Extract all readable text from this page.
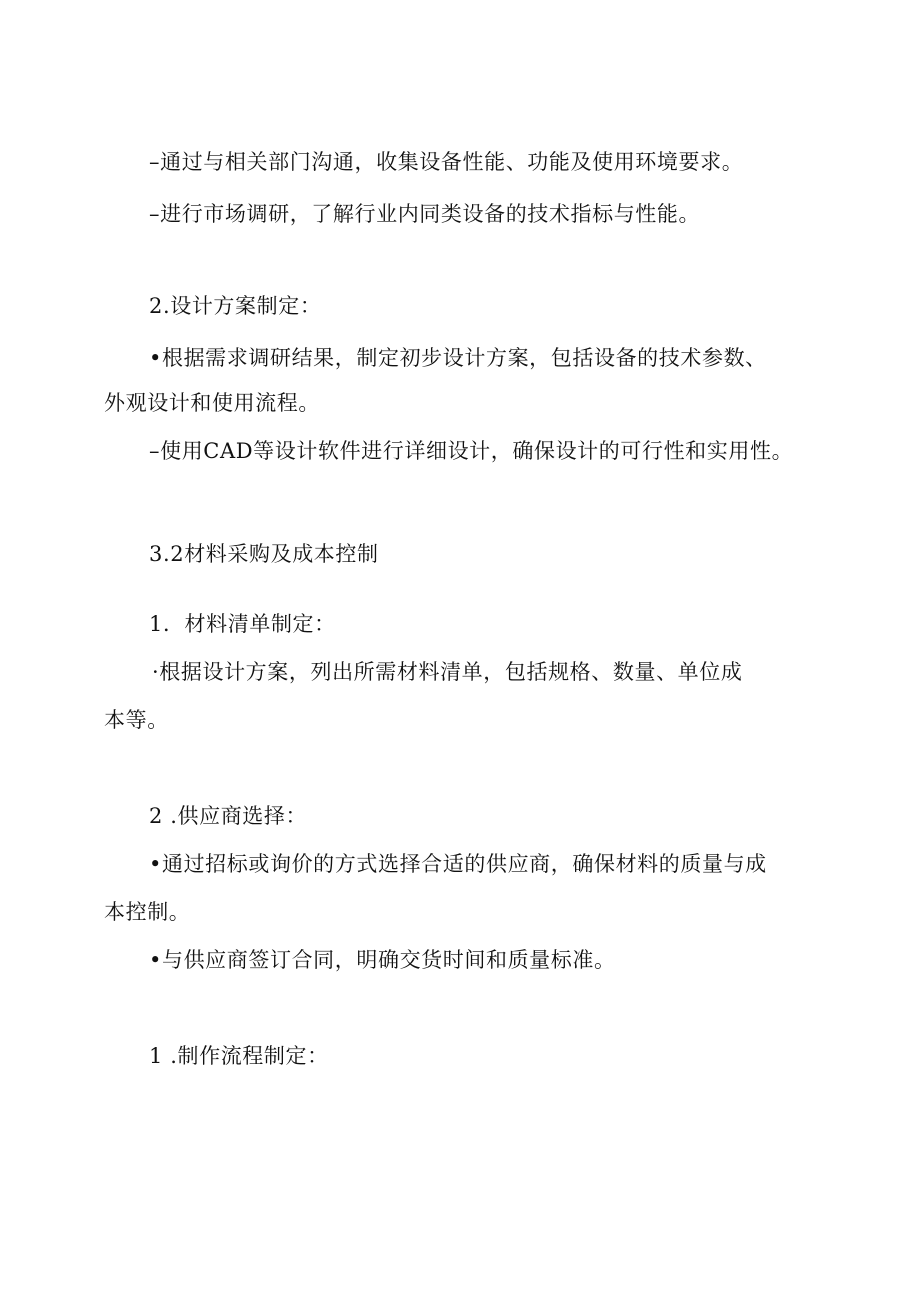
–通过与相关部门沟通，收集设备性能、功能及使用环境要求。
–进行市场调研，了解行业内同类设备的技术指标与性能。
2.设计方案制定：
•根据需求调研结果，制定初步设计方案，包括设备的技术参数、
外观设计和使用流程。
–使用CAD等设计软件进行详细设计，确保设计的可行性和实用性。
3.2材料采购及成本控制
1．材料清单制定：
·根据设计方案，列出所需材料清单，包括规格、数量、单位成
本等。
2 .供应商选择：
•通过招标或询价的方式选择合适的供应商，确保材料的质量与成
本控制。
•与供应商签订合同，明确交货时间和质量标准。
1 .制作流程制定：
